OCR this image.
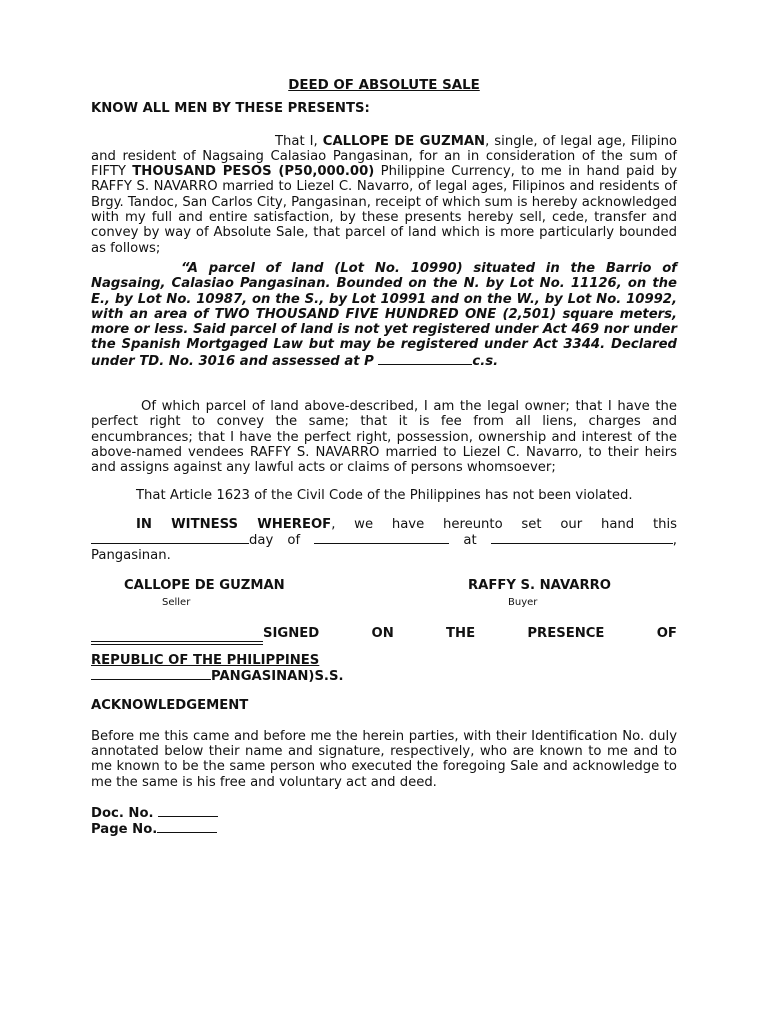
DEED OF ABSOLUTE SALE

KNOW ALL MEN BY THESE PRESENTS:

That I, CALLOPE DE GUZMAN, single, of legal age, Filipino and resident of Nagsaing Calasiao Pangasinan, for an in consideration of the sum of FIFTY THOUSAND PESOS (P50,000.00) Philippine Currency, to me in hand paid by RAFFY S. NAVARRO married to Liezel C. Navarro, of legal ages, Filipinos and residents of Brgy. Tandoc, San Carlos City, Pangasinan, receipt of which sum is hereby acknowledged with my full and entire satisfaction, by these presents hereby sell, cede, transfer and convey by way of Absolute Sale, that parcel of land which is more particularly bounded as follows;

“A parcel of land (Lot No. 10990) situated in the Barrio of Nagsaing, Calasiao Pangasinan. Bounded on the N. by Lot No. 11126, on the E., by Lot No. 10987, on the S., by Lot 10991 and on the W., by Lot No. 10992, with an area of TWO THOUSAND FIVE HUNDRED ONE (2,501) square meters, more or less. Said parcel of land is not yet registered under Act 469 nor under the Spanish Mortgaged Law but may be registered under Act 3344. Declared under TD. No. 3016 and assessed at P	c.s.

Of which parcel of land above-described, I am the legal owner; that I have the perfect right to convey the same; that it is fee from all liens, charges and encumbrances; that I have the perfect right, possession, ownership and interest of the above-named vendees RAFFY S. NAVARRO married to Liezel C. Navarro, to their heirs and assigns against any lawful acts or claims of persons whomsoever;

That Article 1623 of the Civil Code of the Philippines has not been violated.

IN WITNESS WHEREOF, we have hereunto set our hand this day of	at	, Pangasinan.

CALLOPE DE GUZMAN
Seller
RAFFY S. NAVARRO
Buyer
SIGNED	ON	THE	PRESENCE	OF
REPUBLIC OF THE PHILIPPINES
PANGASINAN)S.S.

ACKNOWLEDGEMENT

Before me this came and before me the herein parties, with their Identification No. duly annotated below their name and signature, respectively, who are known to me and to me known to be the same person who executed the foregoing Sale and acknowledge to me the same is his free and voluntary act and deed.

Doc. No.
Page No.
